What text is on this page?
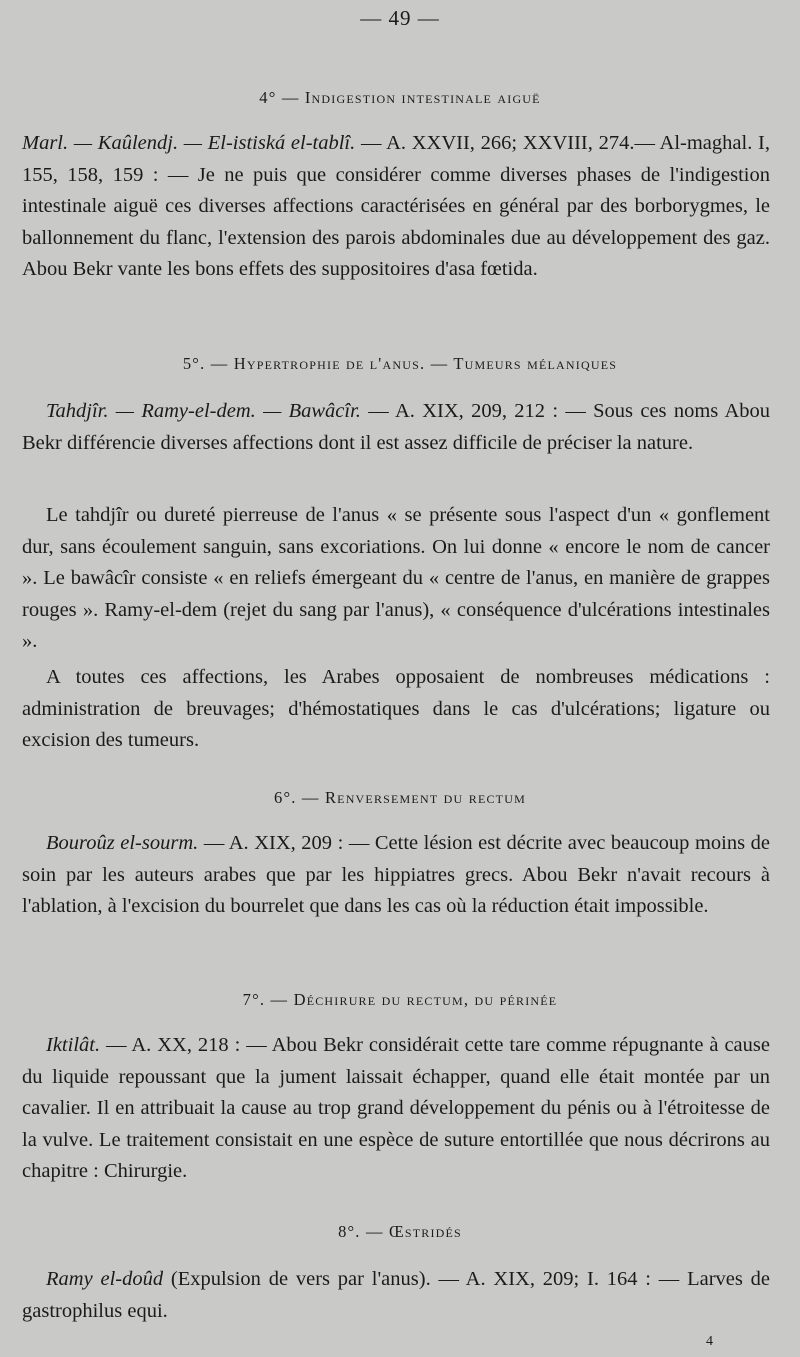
— 49 —
4° — Indigestion intestinale aiguë
Marl. — Kaûlendj. — El-istiská el-tablî. — A. XXVII, 266; XXVIII, 274.— Al-maghal. I, 155, 158, 159 : — Je ne puis que considérer comme diverses phases de l'indigestion intestinale aiguë ces diverses affections caractérisées en général par des borborygmes, le ballonnement du flanc, l'extension des parois abdominales due au développement des gaz. Abou Bekr vante les bons effets des suppositoires d'asa fœtida.
5°. — Hypertrophie de l'anus. — Tumeurs mélaniques
Tahdjîr. — Ramy-el-dem. — Bawâcîr. — A. XIX, 209, 212 : — Sous ces noms Abou Bekr différencie diverses affections dont il est assez difficile de préciser la nature.
Le tahdjîr ou dureté pierreuse de l'anus « se présente sous l'aspect d'un « gonflement dur, sans écoulement sanguin, sans excoriations. On lui donne « encore le nom de cancer ». Le bawâcîr consiste « en reliefs émergeant du « centre de l'anus, en manière de grappes rouges ». Ramy-el-dem (rejet du sang par l'anus), « conséquence d'ulcérations intestinales ».
A toutes ces affections, les Arabes opposaient de nombreuses médications : administration de breuvages; d'hémostatiques dans le cas d'ulcérations; ligature ou excision des tumeurs.
6°. — Renversement du rectum
Bouroûz el-sourm. — A. XIX, 209 : — Cette lésion est décrite avec beaucoup moins de soin par les auteurs arabes que par les hippiatres grecs. Abou Bekr n'avait recours à l'ablation, à l'excision du bourrelet que dans les cas où la réduction était impossible.
7°. — Déchirure du rectum, du périnée
Iktilât. — A. XX, 218 : — Abou Bekr considérait cette tare comme répugnante à cause du liquide repoussant que la jument laissait échapper, quand elle était montée par un cavalier. Il en attribuait la cause au trop grand développement du pénis ou à l'étroitesse de la vulve. Le traitement consistait en une espèce de suture entortillée que nous décrirons au chapitre : Chirurgie.
8°. — Œstridés
Ramy el-doûd (Expulsion de vers par l'anus). — A. XIX, 209; I. 164 : — Larves de gastrophilus equi.
4
